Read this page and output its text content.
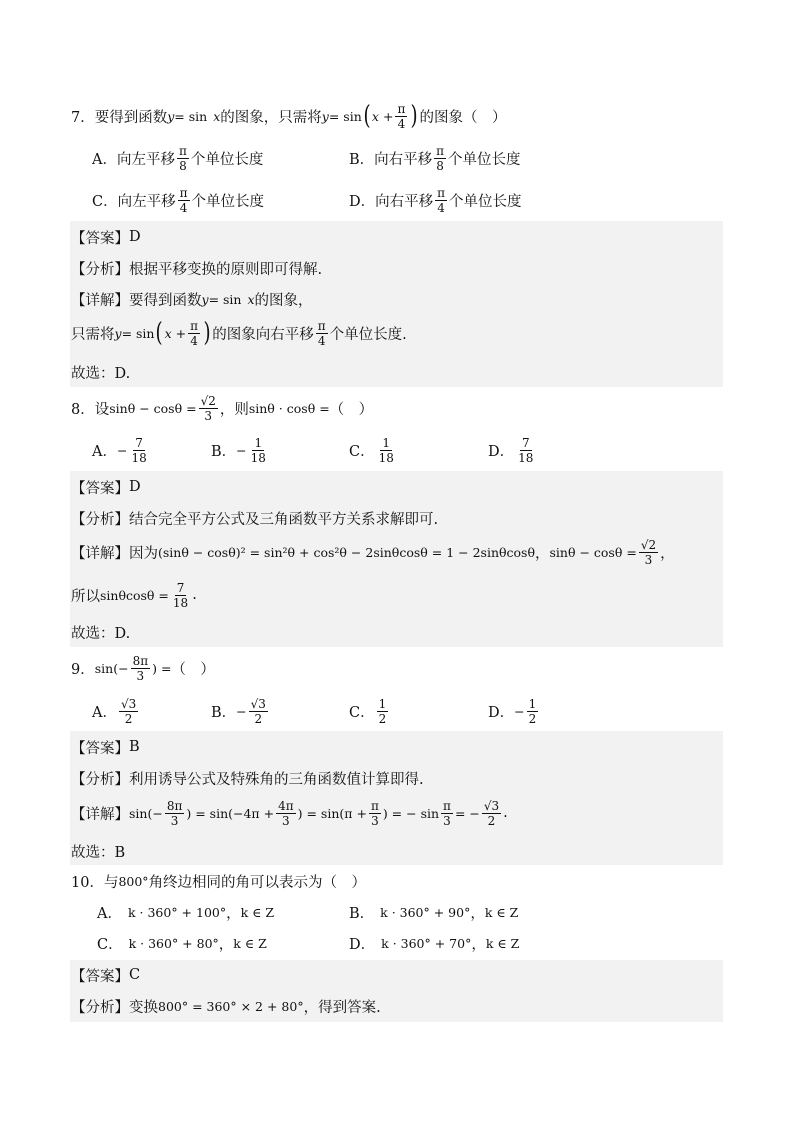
7． 要得到函数 y = sin x 的图象，只需将 y = sin ( $x + \frac{\pi}{4}$ ) 的图象（　）
A． 向左平移 $\frac{\pi}{8}$ 个单位长度	B． 向右平移 $\frac{\pi}{8}$ 个单位长度
C． 向左平移 $\frac{\pi}{4}$ 个单位长度	D． 向右平移 $\frac{\pi}{4}$ 个单位长度
【答案】 D
【分析】 根据平移变换的原则即可得解.
【详解】 要得到函数 y = sin x 的图象，
只需将 y = sin ( $x + \frac{\pi}{4}$ ) 的图象向右平移 $\frac{\pi}{4}$ 个单位长度.
故选：D.
8．设 $\sin\theta - \cos\theta = \frac{√2}{3}$ ，则 sinθ · cosθ = （　）
A． − $\frac{7}{18}$	B． − $\frac{1}{18}$	C． $\frac{1}{18}$	D． $\frac{7}{18}$
【答案】 D
【分析】 结合完全平方公式及三角函数平方关系求解即可.
【详解】 因为 (sinθ − cosθ)² = sin²θ + cos²θ − 2sinθcosθ = 1 − 2sinθcosθ ， $\sin\theta - \cos\theta = \frac{√2}{3}$ ，
所以 $\sin\theta\cos\theta = \frac{7}{18}$ .
故选：D.
9． $\sin(- \frac{8\pi}{3}$ ) = （　）
A． $\frac{√3}{2}$	B． − $\frac{√3}{2}$	C． $\frac{1}{2}$	D． − $\frac{1}{2}$
【答案】 B
【分析】 利用诱导公式及特殊角的三角函数值计算即得.
【详解】 $\sin(- \frac{8\pi}{3}$ ) = $\sin(-4\pi + \frac{4\pi}{3}$ ) = $\sin(\pi + \frac{\pi}{3}$ ) = − $\sin \frac{\pi}{3}$ = − $\frac{√3}{2}$ .
故选：B
10．与 800° 角终边相同的角可以表示为（　）
A． k · 360° + 100° ， k ∈ Z	B． k · 360° + 90° ， k ∈ Z
C． k · 360° + 80° ， k ∈ Z	D． k · 360° + 70° ， k ∈ Z
【答案】 C
【分析】 变换 800° = 360° × 2 + 80° ，得到答案.
